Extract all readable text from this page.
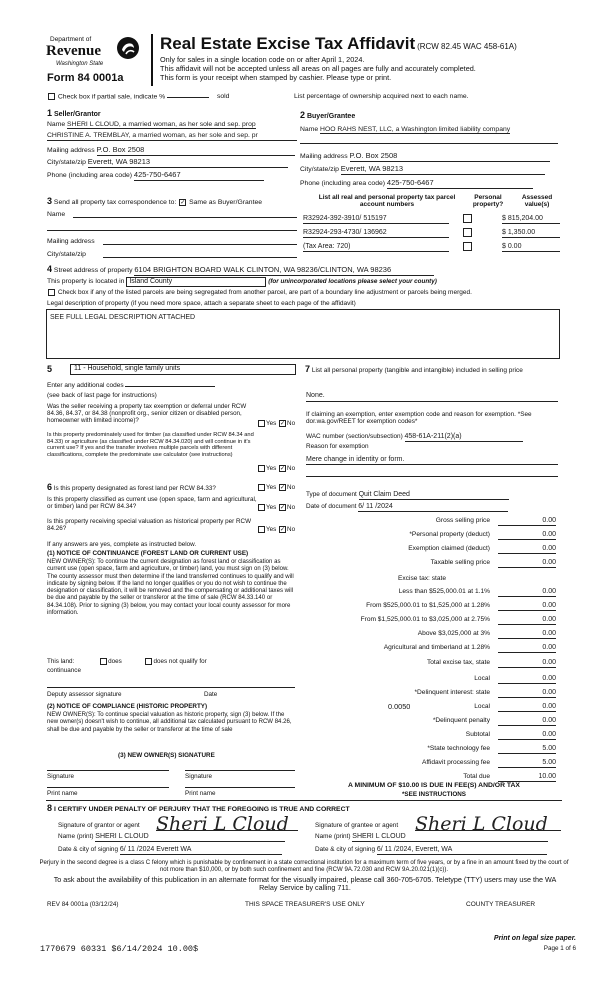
Department of
Revenue
Washington State
Form 84 0001a
Real Estate Excise Tax Affidavit (RCW 82.45 WAC 458-61A)
Only for sales in a single location code on or after April 1, 2024.
This affidavit will not be accepted unless all areas on all pages are fully and accurately completed.
This form is your receipt when stamped by cashier. Please type or print.
Check box if partial sale, indicate %	sold	List percentage of ownership acquired next to each name.
1 Seller/Grantor
Name SHERI L CLOUD, a married woman, as her sole and sep. prop
CHRISTINE A. TREMBLAY, a married woman, as her sole and sep. pr
Mailing address P.O. Box 2508
City/state/zip Everett, WA 98213
Phone (including area code) 425-750-6467
2 Buyer/Grantee
Name HOO RAHS NEST, LLC, a Washington limited liability company
Mailing address P.O. Box 2508
City/state/zip Everett, WA 98213
Phone (including area code) 425-750-6467
3 Send all property tax correspondence to: ✓ Same as Buyer/Grantee
Name
Mailing address
City/state/zip
List all real and personal property tax parcel account numbers
Personal property?
Assessed value(s)
R32924-392-3910/ 515197	$ 815,204.00
R32924-293-4730/ 136962	$ 1,350.00
(Tax Area: 720)	$ 0.00
4 Street address of property 6104 BRIGHTON BOARD WALK CLINTON, WA 98236/CLINTON, WA 98236
This property is located in Island County	(for unincorporated locations please select your county)
Check box if any of the listed parcels are being segregated from another parcel, are part of a boundary line adjustment or parcels being merged.
Legal description of property (if you need more space, attach a separate sheet to each page of the affidavit)
SEE FULL LEGAL DESCRIPTION ATTACHED
5	11 - Household, single family units
Enter any additional codes
(see back of last page for instructions)
Was the seller receiving a property tax exemption or deferral under RCW 84.36, 84.37, or 84.38 (nonprofit org., senior citizen or disabled person, homeowner with limited income)?	Yes ✓ No
Is this property predominately used for timber (as classified under RCW 84.34 and 84.33) or agriculture (as classified under RCW 84.34.020) and will continue in it's current use? If yes and the transfer involves multiple parcels with different classifications, complete the predominate use calculator (see instructions)
Yes ✓ No
6 Is this property designated as forest land per RCW 84.33?	Yes ✓ No
Is this property classified as current use (open space, farm and agricultural, or timber) land per RCW 84.34?	Yes ✓ No
Is this property receiving special valuation as historical property per RCW 84.26?	Yes ✓ No
If any answers are yes, complete as instructed below.
(1) NOTICE OF CONTINUANCE (FOREST LAND OR CURRENT USE)
NEW OWNER(S): To continue the current designation as forest land or classification as current use (open space, farm and agriculture, or timber) land, you must sign on (3) below. The county assessor must then determine if the land transferred continues to qualify and will indicate by signing below. If the land no longer qualifies or you do not wish to continue the designation or classification, it will be removed and the compensating or additional taxes will be due and payable by the seller or transferor at the time of sale (RCW 84.33.140 or 84.34.108). Prior to signing (3) below, you may contact your local county assessor for more information.
This land:	does	does not qualify for
continuance
Deputy assessor signature	Date
(2) NOTICE OF COMPLIANCE (HISTORIC PROPERTY)
NEW OWNER(S): To continue special valuation as historic property, sign (3) below. If the new owner(s) doesn't wish to continue, all additional tax calculated pursuant to RCW 84.26, shall be due and payable by the seller or transferor at the time of sale
(3) NEW OWNER(S) SIGNATURE
Signature	Signature
Print name	Print name
7 List all personal property (tangible and intangible) included in selling price
None.
If claiming an exemption, enter exemption code and reason for exemption. *See dor.wa.gov/REET for exemption codes*
WAC number (section/subsection) 458-61A-211(2)(a)
Reason for exemption
Mere change in identity or form.
Type of document Quit Claim Deed
Date of document 6/ 11 /2024
Gross selling price	0.00
*Personal property (deduct)	0.00
Exemption claimed (deduct)	0.00
Taxable selling price	0.00
Excise tax: state
Less than $525,000.01 at 1.1%	0.00
From $525,000.01 to $1,525,000 at 1.28%	0.00
From $1,525,000.01 to $3,025,000 at 2.75%	0.00
Above $3,025,000 at 3%	0.00
Agricultural and timberland at 1.28%	0.00
Total excise tax, state	0.00
Local	0.00
*Delinquent interest: state	0.00
Local	0.00
*Delinquent penalty	0.00
Subtotal	0.00
*State technology fee	5.00
Affidavit processing fee	5.00
Total due	10.00
0.0050
A MINIMUM OF $10.00 IS DUE IN FEE(S) AND/OR TAX
*SEE INSTRUCTIONS
8 I CERTIFY UNDER PENALTY OF PERJURY THAT THE FOREGOING IS TRUE AND CORRECT
Signature of grantor or agent Sheri L Cloud
Name (print) SHERI L CLOUD
Date & city of signing 6/ 11 /2024 Everett WA
Signature of grantee or agent Sheri L Cloud
Name (print) SHERI L CLOUD
Date & city of signing 6/ 11 /2024, Everett, WA
Perjury in the second degree is a class C felony which is punishable by confinement in a state correctional institution for a maximum term of five years, or by a fine in an amount fixed by the court of not more than $10,000, or by both such confinement and fine (RCW 9A.72.030 and RCW 9A.20.021(1)(c)).
To ask about the availability of this publication in an alternate format for the visually impaired, please call 360-705-6705. Teletype (TTY) users may use the WA Relay Service by calling 711.
REV 84 0001a (03/12/24)	THIS SPACE TREASURER'S USE ONLY	COUNTY TREASURER
1770679 60331 $6/14/2024 10.00$
Print on legal size paper.
Page 1 of 6
